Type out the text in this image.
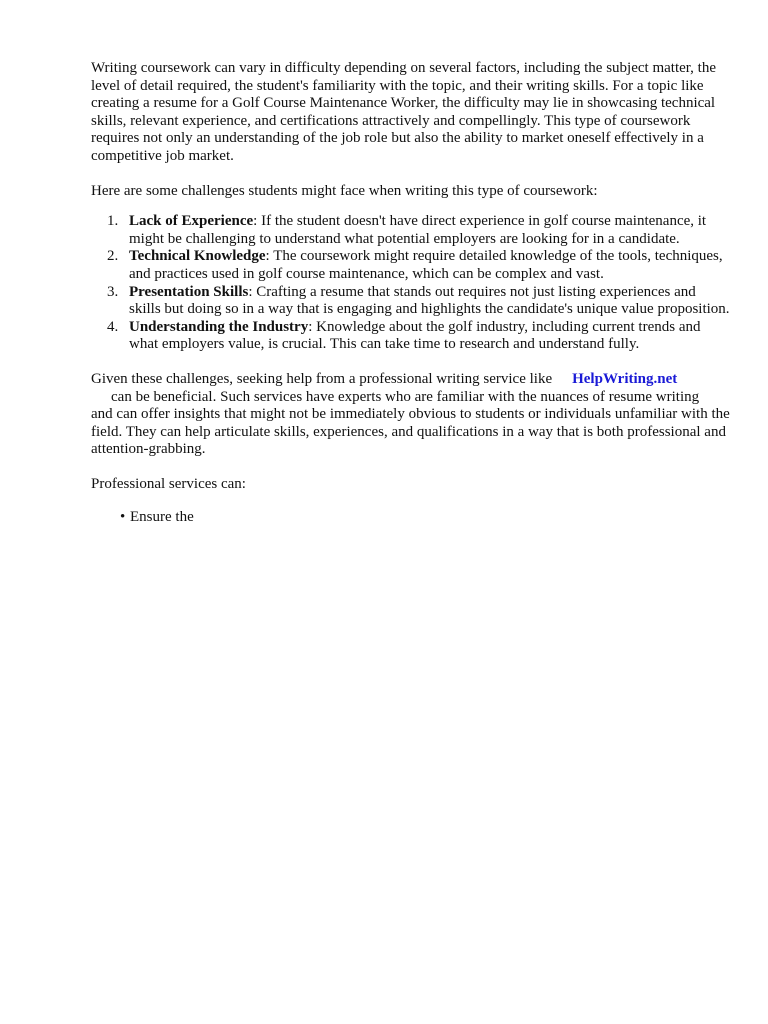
Writing coursework can vary in difficulty depending on several factors, including the subject matter, the level of detail required, the student's familiarity with the topic, and their writing skills. For a topic like creating a resume for a Golf Course Maintenance Worker, the difficulty may lie in showcasing technical skills, relevant experience, and certifications attractively and compellingly. This type of coursework requires not only an understanding of the job role but also the ability to market oneself effectively in a competitive job market.

Here are some challenges students might face when writing this type of coursework:

1. Lack of Experience: If the student doesn't have direct experience in golf course maintenance, it might be challenging to understand what potential employers are looking for in a candidate.
2. Technical Knowledge: The coursework might require detailed knowledge of the tools, techniques, and practices used in golf course maintenance, which can be complex and vast.
3. Presentation Skills: Crafting a resume that stands out requires not just listing experiences and skills but doing so in a way that is engaging and highlights the candidate's unique value proposition.
4. Understanding the Industry: Knowledge about the golf industry, including current trends and what employers value, is crucial. This can take time to research and understand fully.
Given these challenges, seeking help from a professional writing service like HelpWriting.net
can be beneficial. Such services have experts who are familiar with the nuances of resume writing
and can offer insights that might not be immediately obvious to students or individuals unfamiliar with the field. They can help articulate skills, experiences, and qualifications in a way that is both professional and attention-grabbing.

Professional services can:

• Ensure the
